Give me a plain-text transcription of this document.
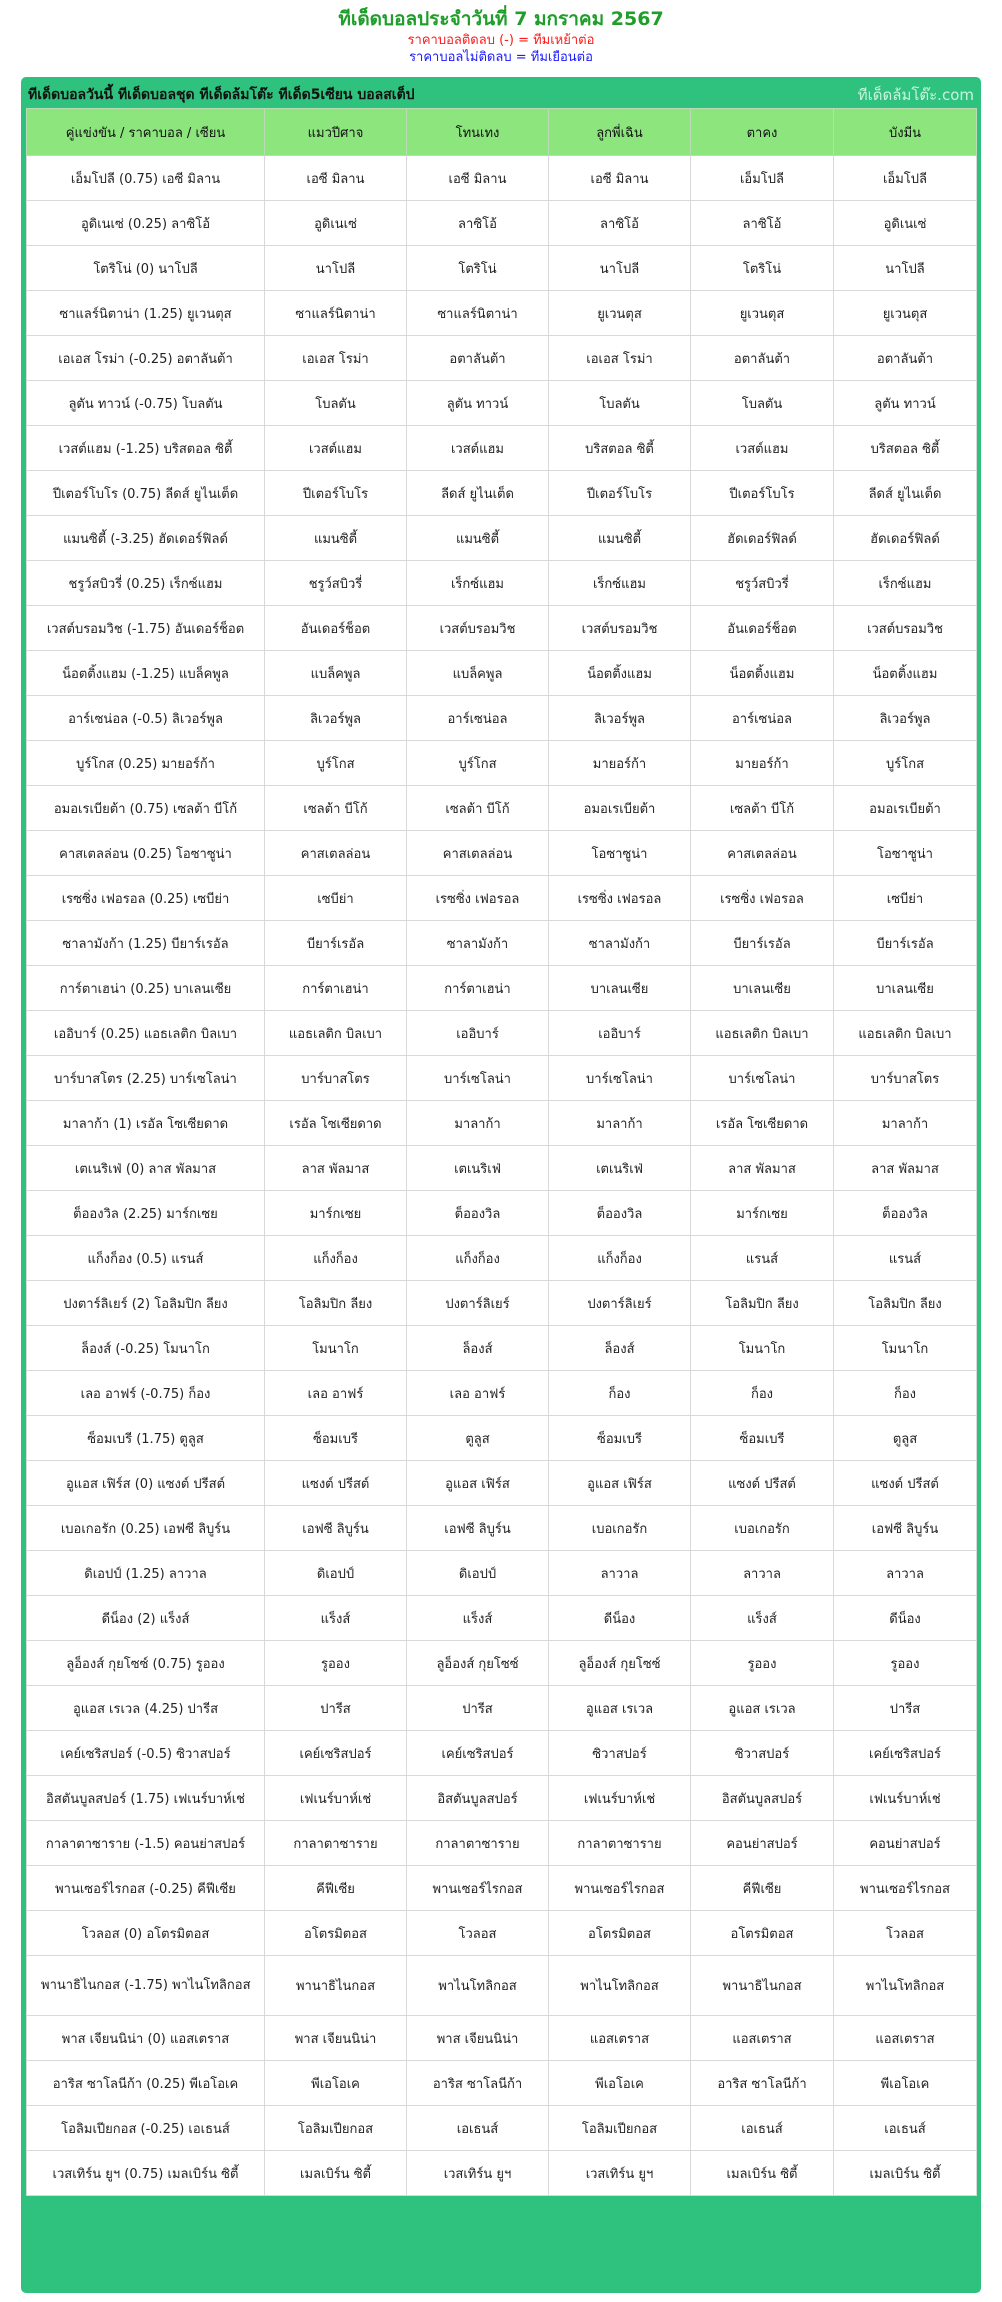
ทีเด็ดบอลประจำวันที่ 7 มกราคม 2567
ราคาบอลติดลบ (-) = ทีมเหย้าต่อ
ราคาบอลไม่ติดลบ = ทีมเยือนต่อ
ทีเด็ดบอลวันนี้ ทีเด็ดบอลชุด ทีเด็ดล้มโต๊ะ ทีเด็ด5เซียน บอลสเต็ป	ทีเด็ดล้มโต๊ะ.com
คู่แข่งขัน / ราคาบอล / เซียน	แมวปีศาจ	โทนเทง	ลูกพี่เฉิน	ตาคง	บังมีน
เอ็มโปลี (0.75) เอซี มิลาน	เอซี มิลาน	เอซี มิลาน	เอซี มิลาน	เอ็มโปลี	เอ็มโปลี
อูดิเนเซ่ (0.25) ลาซิโอ้	อูดิเนเซ่	ลาซิโอ้	ลาซิโอ้	ลาซิโอ้	อูดิเนเซ่
โตริโน่ (0) นาโปลี	นาโปลี	โตริโน่	นาโปลี	โตริโน่	นาโปลี
ซาแลร์นิตาน่า (1.25) ยูเวนตุส	ซาแลร์นิตาน่า	ซาแลร์นิตาน่า	ยูเวนตุส	ยูเวนตุส	ยูเวนตุส
เอเอส โรม่า (-0.25) อตาลันต้า	เอเอส โรม่า	อตาลันต้า	เอเอส โรม่า	อตาลันต้า	อตาลันต้า
ลูตัน ทาวน์ (-0.75) โบลตัน	โบลตัน	ลูตัน ทาวน์	โบลตัน	โบลตัน	ลูตัน ทาวน์
เวสต์แฮม (-1.25) บริสตอล ซิตี้	เวสต์แฮม	เวสต์แฮม	บริสตอล ซิตี้	เวสต์แฮม	บริสตอล ซิตี้
ปีเตอร์โบโร (0.75) ลีดส์ ยูไนเต็ด	ปีเตอร์โบโร	ลีดส์ ยูไนเต็ด	ปีเตอร์โบโร	ปีเตอร์โบโร	ลีดส์ ยูไนเต็ด
แมนซิตี้ (-3.25) ฮัดเดอร์ฟิลด์	แมนซิตี้	แมนซิตี้	แมนซิตี้	ฮัดเดอร์ฟิลด์	ฮัดเดอร์ฟิลด์
ชรูว์สบิวรี่ (0.25) เร็กซ์แฮม	ชรูว์สบิวรี่	เร็กซ์แฮม	เร็กซ์แฮม	ชรูว์สบิวรี่	เร็กซ์แฮม
เวสต์บรอมวิช (-1.75) อันเดอร์ช็อต	อันเดอร์ช็อต	เวสต์บรอมวิช	เวสต์บรอมวิช	อันเดอร์ช็อต	เวสต์บรอมวิช
น็อตติ้งแฮม (-1.25) แบล็คพูล	แบล็คพูล	แบล็คพูล	น็อตติ้งแฮม	น็อตติ้งแฮม	น็อตติ้งแฮม
อาร์เซน่อล (-0.5) ลิเวอร์พูล	ลิเวอร์พูล	อาร์เซน่อล	ลิเวอร์พูล	อาร์เซน่อล	ลิเวอร์พูล
บูร์โกส (0.25) มายอร์ก้า	บูร์โกส	บูร์โกส	มายอร์ก้า	มายอร์ก้า	บูร์โกส
อมอเรเบียต้า (0.75) เซลต้า บีโก้	เซลต้า บีโก้	เซลต้า บีโก้	อมอเรเบียต้า	เซลต้า บีโก้	อมอเรเบียต้า
คาสเตลล่อน (0.25) โอซาซูน่า	คาสเตลล่อน	คาสเตลล่อน	โอซาซูน่า	คาสเตลล่อน	โอซาซูน่า
เรซซิ่ง เฟอรอล (0.25) เซบีย่า	เซบีย่า	เรซซิ่ง เฟอรอล	เรซซิ่ง เฟอรอล	เรซซิ่ง เฟอรอล	เซบีย่า
ซาลามังก้า (1.25) บียาร์เรอัล	บียาร์เรอัล	ซาลามังก้า	ซาลามังก้า	บียาร์เรอัล	บียาร์เรอัล
การ์ตาเฮน่า (0.25) บาเลนเซีย	การ์ตาเฮน่า	การ์ตาเฮน่า	บาเลนเซีย	บาเลนเซีย	บาเลนเซีย
เออิบาร์ (0.25) แอธเลติก บิลเบา	แอธเลติก บิลเบา	เออิบาร์	เออิบาร์	แอธเลติก บิลเบา	แอธเลติก บิลเบา
บาร์บาสโตร (2.25) บาร์เซโลน่า	บาร์บาสโตร	บาร์เซโลน่า	บาร์เซโลน่า	บาร์เซโลน่า	บาร์บาสโตร
มาลาก้า (1) เรอัล โซเซียดาด	เรอัล โซเซียดาด	มาลาก้า	มาลาก้า	เรอัล โซเซียดาด	มาลาก้า
เตเนริเฟ่ (0) ลาส พัลมาส	ลาส พัลมาส	เตเนริเฟ่	เตเนริเฟ่	ลาส พัลมาส	ลาส พัลมาส
ต็อองวิล (2.25) มาร์กเซย	มาร์กเซย	ต็อองวิล	ต็อองวิล	มาร์กเซย	ต็อองวิล
แก็งก็อง (0.5) แรนส์	แก็งก็อง	แก็งก็อง	แก็งก็อง	แรนส์	แรนส์
ปงตาร์ลิเยร์ (2) โอลิมปิก ลียง	โอลิมปิก ลียง	ปงตาร์ลิเยร์	ปงตาร์ลิเยร์	โอลิมปิก ลียง	โอลิมปิก ลียง
ล็องส์ (-0.25) โมนาโก	โมนาโก	ล็องส์	ล็องส์	โมนาโก	โมนาโก
เลอ อาฟร์ (-0.75) ก็อง	เลอ อาฟร์	เลอ อาฟร์	ก็อง	ก็อง	ก็อง
ซ็อมเบรี (1.75) ตูลูส	ซ็อมเบรี	ตูลูส	ซ็อมเบรี	ซ็อมเบรี	ตูลูส
อูแอส เฟิร์ส (0) แซงต์ ปรีสต์	แซงต์ ปรีสต์	อูแอส เฟิร์ส	อูแอส เฟิร์ส	แซงต์ ปรีสต์	แซงต์ ปรีสต์
เบอเกอรัก (0.25) เอฟซี ลิบูร์น	เอฟซี ลิบูร์น	เอฟซี ลิบูร์น	เบอเกอรัก	เบอเกอรัก	เอฟซี ลิบูร์น
ดิเอปป์ (1.25) ลาวาล	ดิเอปป์	ดิเอปป์	ลาวาล	ลาวาล	ลาวาล
ดีน็อง (2) แร็งส์	แร็งส์	แร็งส์	ดีน็อง	แร็งส์	ดีน็อง
ลูอ็องส์ กุยโซซ์ (0.75) รูออง	รูออง	ลูอ็องส์ กุยโซซ์	ลูอ็องส์ กุยโซซ์	รูออง	รูออง
อูแอส เรเวล (4.25) ปารีส	ปารีส	ปารีส	อูแอส เรเวล	อูแอส เรเวล	ปารีส
เคย์เซริสปอร์ (-0.5) ซิวาสปอร์	เคย์เซริสปอร์	เคย์เซริสปอร์	ซิวาสปอร์	ซิวาสปอร์	เคย์เซริสปอร์
อิสตันบูลสปอร์ (1.75) เฟเนร์บาห์เช่	เฟเนร์บาห์เช่	อิสตันบูลสปอร์	เฟเนร์บาห์เช่	อิสตันบูลสปอร์	เฟเนร์บาห์เช่
กาลาตาซาราย (-1.5) คอนย่าสปอร์	กาลาตาซาราย	กาลาตาซาราย	กาลาตาซาราย	คอนย่าสปอร์	คอนย่าสปอร์
พานเซอร์ไรกอส (-0.25) คีฟีเซีย	คีฟีเซีย	พานเซอร์ไรกอส	พานเซอร์ไรกอส	คีฟีเซีย	พานเซอร์ไรกอส
โวลอส (0) อโตรมิตอส	อโตรมิตอส	โวลอส	อโตรมิตอส	อโตรมิตอส	โวลอส
พานาธิไนกอส (-1.75) พาไนโทลิกอส	พานาธิไนกอส	พาไนโทลิกอส	พาไนโทลิกอส	พานาธิไนกอส	พาไนโทลิกอส
พาส เจียนนิน่า (0) แอสเตราส	พาส เจียนนิน่า	พาส เจียนนิน่า	แอสเตราส	แอสเตราส	แอสเตราส
อาริส ซาโลนีก้า (0.25) พีเอโอเค	พีเอโอเค	อาริส ซาโลนีก้า	พีเอโอเค	อาริส ซาโลนีก้า	พีเอโอเค
โอลิมเปียกอส (-0.25) เอเธนส์	โอลิมเปียกอส	เอเธนส์	โอลิมเปียกอส	เอเธนส์	เอเธนส์
เวสเทิร์น ยูฯ (0.75) เมลเบิร์น ซิตี้	เมลเบิร์น ซิตี้	เวสเทิร์น ยูฯ	เวสเทิร์น ยูฯ	เมลเบิร์น ซิตี้	เมลเบิร์น ซิตี้
